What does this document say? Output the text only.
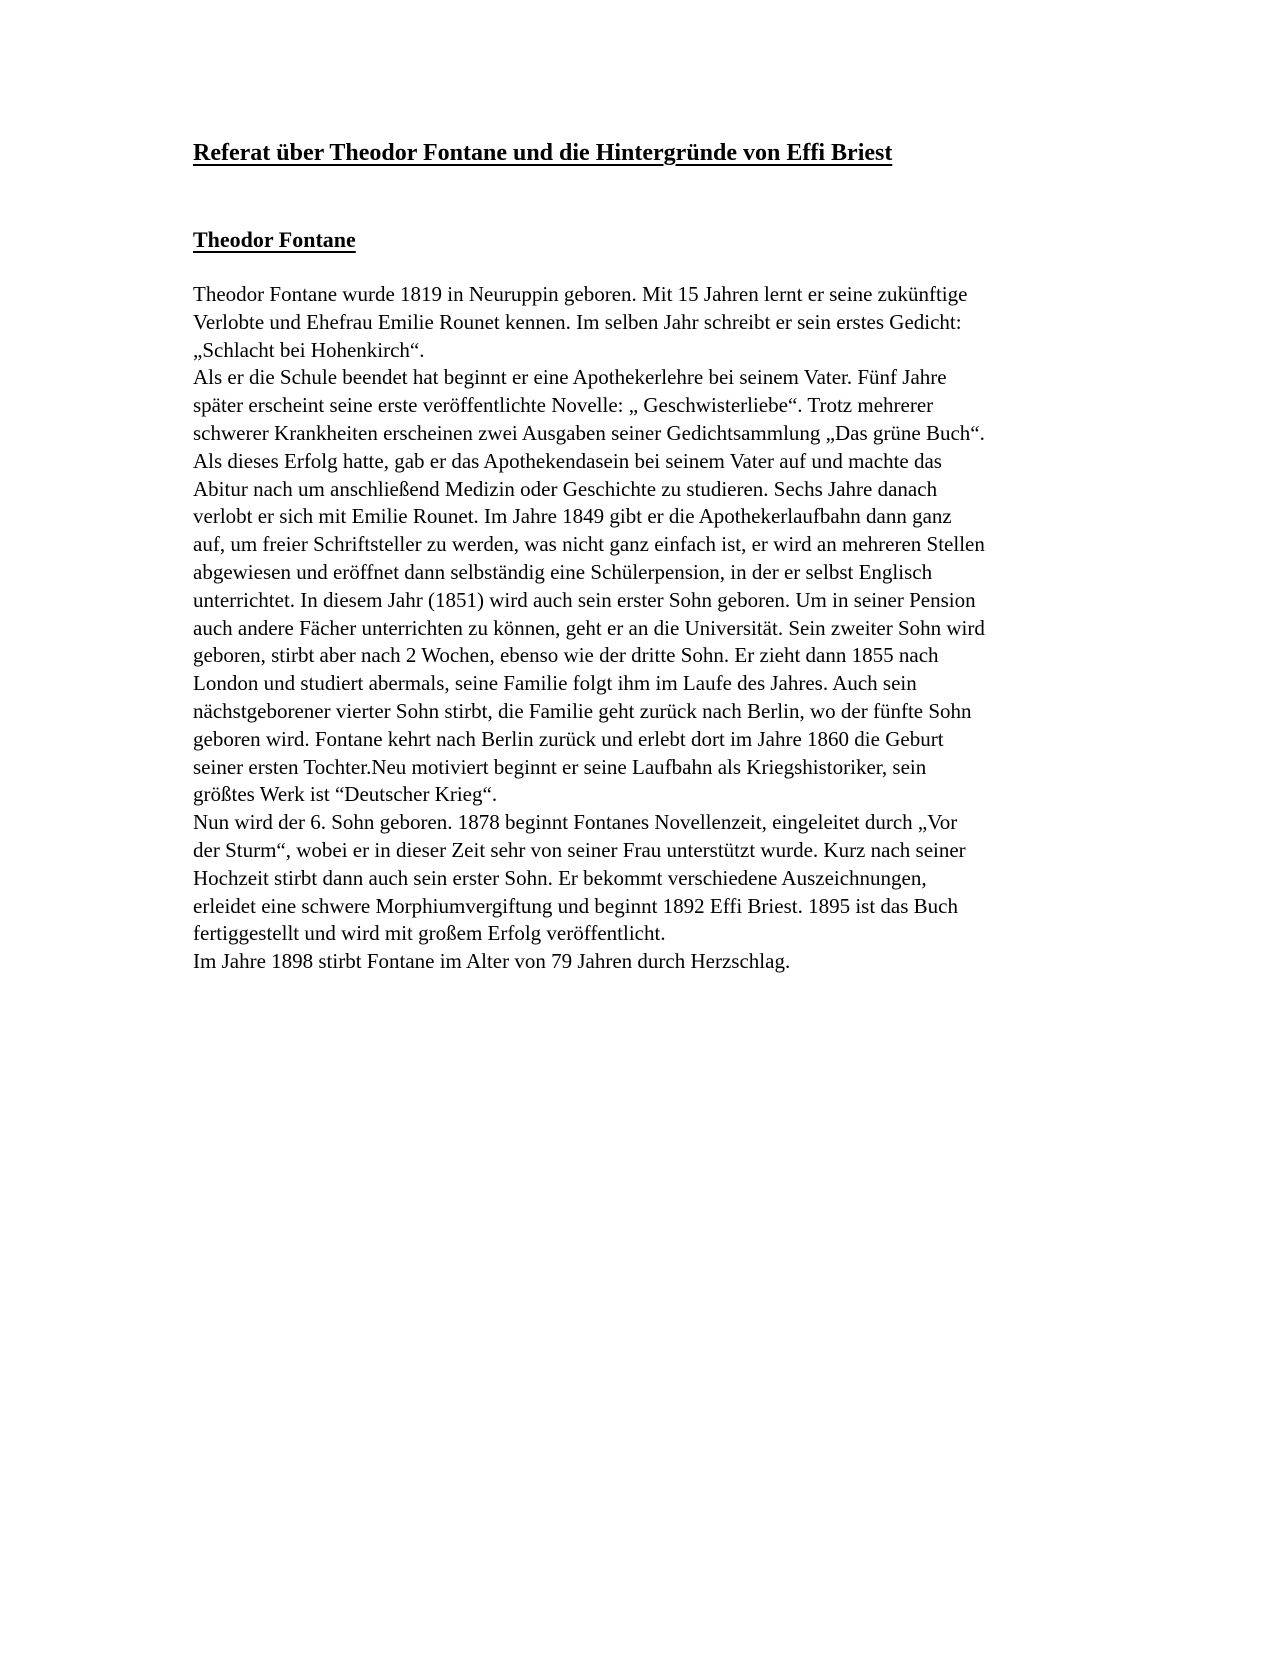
Referat über Theodor Fontane und die Hintergründe von Effi Briest
Theodor Fontane
Theodor Fontane wurde 1819 in Neuruppin geboren. Mit 15 Jahren lernt er seine zukünftige
Verlobte und Ehefrau Emilie Rounet kennen. Im selben Jahr schreibt er sein erstes Gedicht:
„Schlacht bei Hohenkirch“.
Als er die Schule beendet hat beginnt er eine Apothekerlehre bei seinem Vater. Fünf Jahre
später erscheint seine erste veröffentlichte Novelle: „ Geschwisterliebe“. Trotz mehrerer
schwerer Krankheiten erscheinen zwei Ausgaben seiner Gedichtsammlung „Das grüne Buch“.
Als dieses Erfolg hatte, gab er das Apothekendasein bei seinem Vater auf und machte das
Abitur nach um anschließend Medizin oder Geschichte zu studieren. Sechs Jahre danach
verlobt er sich mit Emilie Rounet. Im Jahre 1849 gibt er die Apothekerlaufbahn dann ganz
auf, um freier Schriftsteller zu werden, was nicht ganz einfach ist, er wird an mehreren Stellen
abgewiesen und eröffnet dann selbständig eine Schülerpension, in der er selbst Englisch
unterrichtet. In diesem Jahr (1851) wird auch sein erster Sohn geboren. Um in seiner Pension
auch andere Fächer unterrichten zu können, geht er an die Universität. Sein zweiter Sohn wird
geboren, stirbt aber nach 2 Wochen, ebenso wie der dritte Sohn. Er zieht dann 1855 nach
London und studiert abermals, seine Familie folgt ihm im Laufe des Jahres. Auch sein
nächstgeborener vierter Sohn stirbt, die Familie geht zurück nach Berlin, wo der fünfte Sohn
geboren wird. Fontane kehrt nach Berlin zurück und erlebt dort im Jahre 1860 die Geburt
seiner ersten Tochter.Neu motiviert beginnt er seine Laufbahn als Kriegshistoriker, sein
größtes Werk ist “Deutscher Krieg“.
Nun wird der 6. Sohn geboren. 1878 beginnt Fontanes Novellenzeit, eingeleitet durch „Vor
der Sturm“, wobei er in dieser Zeit sehr von seiner Frau unterstützt wurde. Kurz nach seiner
Hochzeit stirbt dann auch sein erster Sohn. Er bekommt verschiedene Auszeichnungen,
erleidet eine schwere Morphiumvergiftung und beginnt 1892 Effi Briest. 1895 ist das Buch
fertiggestellt und wird mit großem Erfolg veröffentlicht.
Im Jahre 1898 stirbt Fontane im Alter von 79 Jahren durch Herzschlag.
